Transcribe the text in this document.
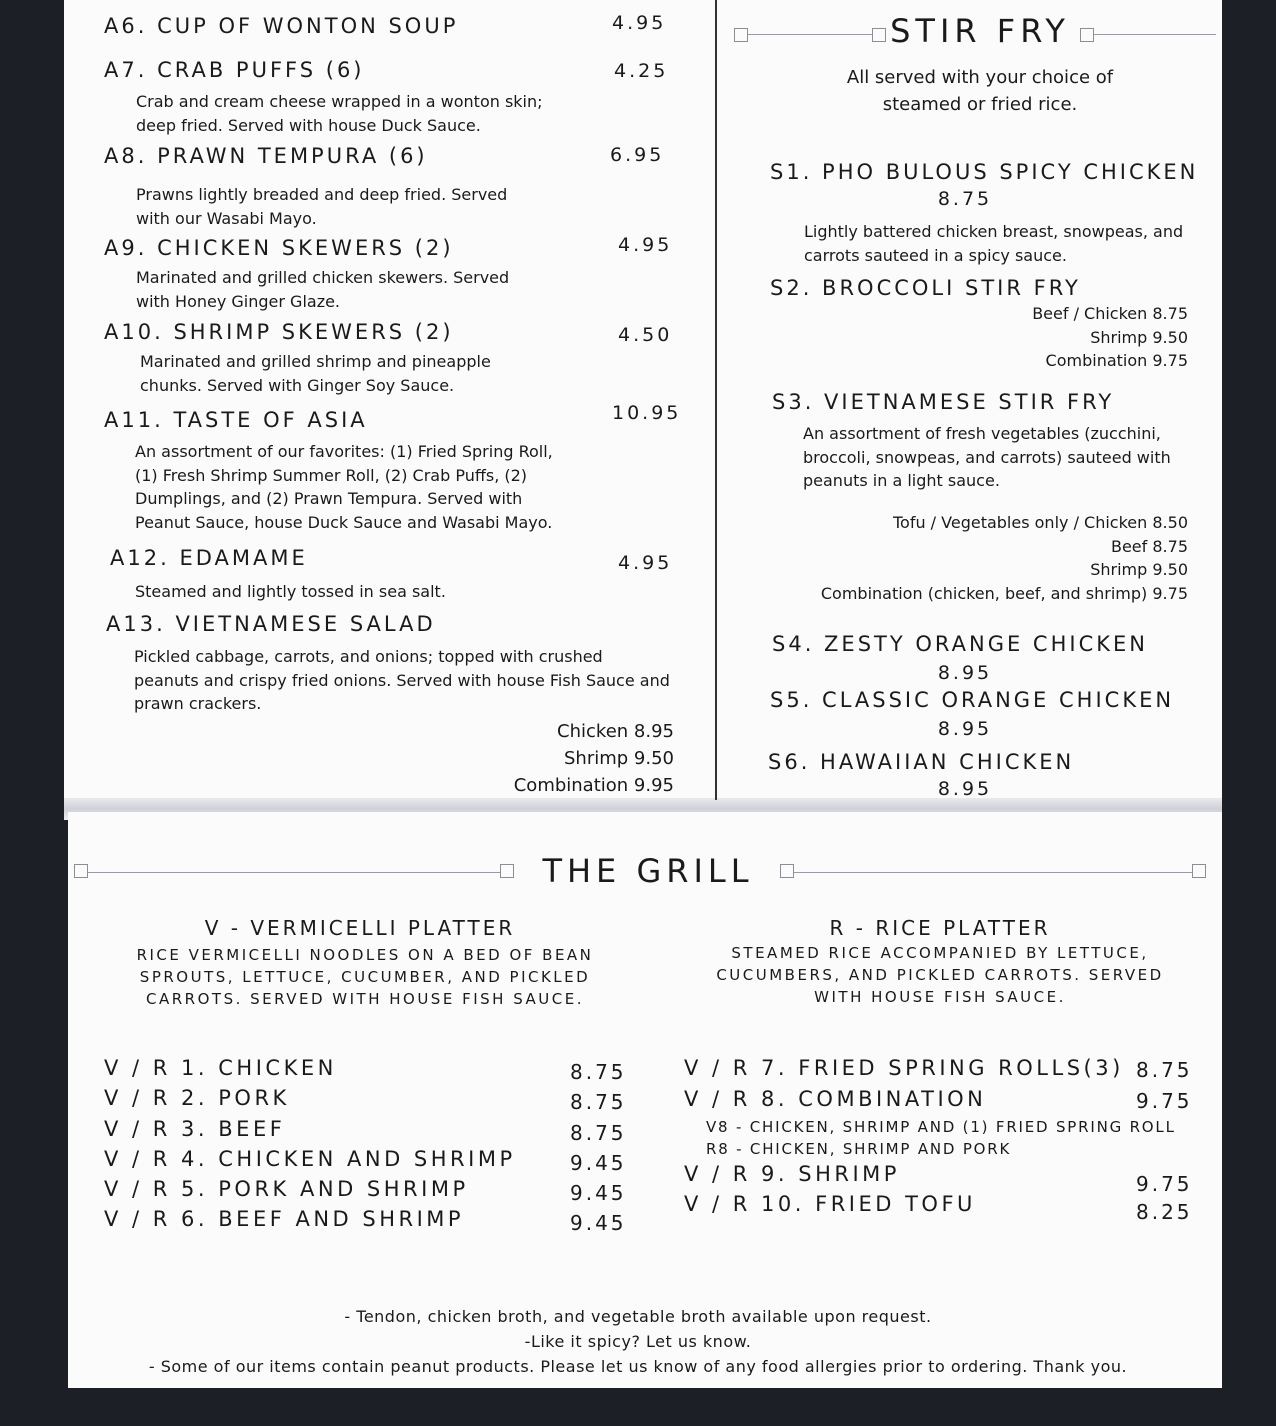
A6. CUP OF WONTON SOUP	4.95
A7. CRAB PUFFS (6)	4.25
Crab and cream cheese wrapped in a wonton skin;
deep fried. Served with house Duck Sauce.
A8. PRAWN TEMPURA (6)	6.95
Prawns lightly breaded and deep fried. Served
with our Wasabi Mayo.
A9. CHICKEN SKEWERS (2)	4.95
Marinated and grilled chicken skewers. Served
with Honey Ginger Glaze.
A10. SHRIMP SKEWERS (2)	4.50
Marinated and grilled shrimp and pineapple
chunks. Served with Ginger Soy Sauce.
A11. TASTE OF ASIA	10.95
An assortment of our favorites: (1) Fried Spring Roll,
(1) Fresh Shrimp Summer Roll, (2) Crab Puffs, (2)
Dumplings, and (2) Prawn Tempura. Served with
Peanut Sauce, house Duck Sauce and Wasabi Mayo.
A12. EDAMAME	4.95
Steamed and lightly tossed in sea salt.
A13. VIETNAMESE SALAD
Pickled cabbage, carrots, and onions; topped with crushed
peanuts and crispy fried onions. Served with house Fish Sauce and
prawn crackers.
Chicken 8.95
Shrimp 9.50
Combination 9.95
STIR FRY
All served with your choice of
steamed or fried rice.
S1. PHO BULOUS SPICY CHICKEN
8.75
Lightly battered chicken breast, snowpeas, and
carrots sauteed in a spicy sauce.
S2. BROCCOLI STIR FRY
Beef / Chicken 8.75
Shrimp 9.50
Combination 9.75
S3. VIETNAMESE STIR FRY
An assortment of fresh vegetables (zucchini,
broccoli, snowpeas, and carrots) sauteed with
peanuts in a light sauce.
Tofu / Vegetables only / Chicken 8.50
Beef 8.75
Shrimp 9.50
Combination (chicken, beef, and shrimp) 9.75
S4. ZESTY ORANGE CHICKEN
8.95
S5. CLASSIC ORANGE CHICKEN
8.95
S6. HAWAIIAN CHICKEN
8.95
THE GRILL
V - VERMICELLI PLATTER
RICE VERMICELLI NOODLES ON A BED OF BEAN
SPROUTS, LETTUCE, CUCUMBER, AND PICKLED
CARROTS. SERVED WITH HOUSE FISH SAUCE.
R - RICE PLATTER
STEAMED RICE ACCOMPANIED BY LETTUCE,
CUCUMBERS, AND PICKLED CARROTS. SERVED
WITH HOUSE FISH SAUCE.
V / R 1. CHICKEN	8.75
V / R 2. PORK	8.75
V / R 3. BEEF	8.75
V / R 4. CHICKEN AND SHRIMP	9.45
V / R 5. PORK AND SHRIMP	9.45
V / R 6. BEEF AND SHRIMP	9.45
V / R 7. FRIED SPRING ROLLS(3) 8.75
V / R 8. COMBINATION	9.75
V8 - CHICKEN, SHRIMP AND (1) FRIED SPRING ROLL
R8 - CHICKEN, SHRIMP AND PORK
V / R 9. SHRIMP	9.75
V / R 10. FRIED TOFU	8.25
- Tendon, chicken broth, and vegetable broth available upon request.
-Like it spicy? Let us know.
- Some of our items contain peanut products. Please let us know of any food allergies prior to ordering. Thank you.
